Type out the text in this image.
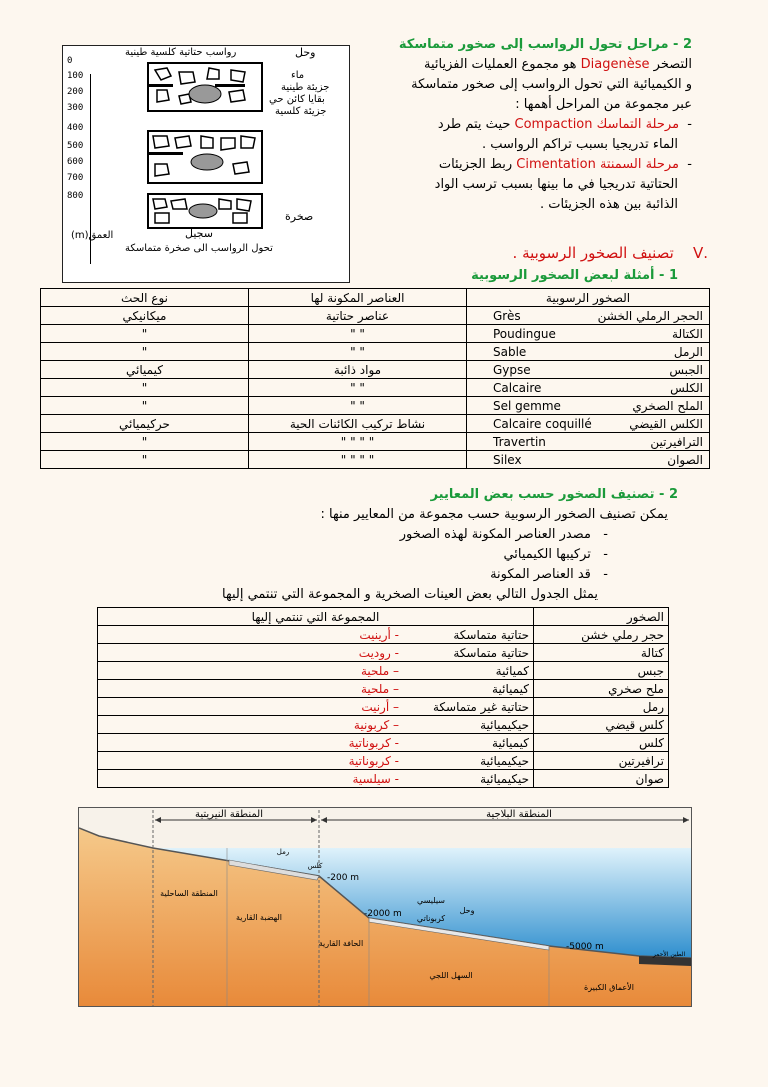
رواسب حتاتية كلسية طينية	وحل
0
100
200
300
400
500
600
700
800
ماء
جزيئة طينية
بقايا كائن حي
جزيئة كلسية
صخرة
سجيل
العمق(m)
تحول الرواسب الى صخرة متماسكة
2 - مراحل تحول الرواسب إلى صخور متماسكة
التصخر Diagenèse هو مجموع العمليات الفزيائية
و الكيميائية التي تحول الرواسب إلى صخور متماسكة
عبر مجموعة من المراحل أهمها :
-  مرحلة التماسك Compaction حيث يتم طرد
الماء تدريجيا بسبب تراكم الرواسب .
-  مرحلة السمنتة Cimentation ربط الجزيئات
الحتاتية تدريجيا في ما بينها بسبب ترسب الواد
الذائبة بين هذه الجزيئات .
.V    تصنيف الصخور الرسوبية .
1 - أمثلة لبعض الصخور الرسوبية
الصخور الرسوبية	العناصر المكونة لها	نوع الحث

الحجر الرملي الخشن
Grès	عناصر حتاتية	ميكانيكي

الكتالة
Poudingue	" "	"

الرمل
Sable	" "	"

الجبس
Gypse	مواد ذائبة	كيميائي

الكلس
Calcaire	" "	"

الملح الصخري
Sel gemme	" "	"

الكلس القيضي
Calcaire coquillé	نشاط تركيب الكائنات الحية	حركيميائي

الترافيرتين
Travertin	" " " "	"

الصوان
Silex	" " " "	"
2 - تصنيف الصخور حسب بعض المعايير
يمكن تصنيف الصخور الرسوبية حسب مجموعة من المعايير منها :
-   مصدر العناصر المكونة لهذه الصخور
-   تركيبها الكيميائي
-   قد العناصر المكونة
يمثل الجدول التالي بعض العينات الصخرية و المجموعة التي تنتمي إليها
الصخور	المجموعة التي تنتمي إليها
حجر رملي خشن	حتاتية متماسكة- أرينيت
كتالة	حتاتية متماسكة- روديت
جبس	كميائية– ملحية
ملح صخري	كيميائية– ملحية
رمل	حتاتية غير متماسكة– أرنيت
كلس قيضي	حيكيميائية– كربونية
كلس	كيميائية- كربوناتية
ترافيرتين	حيكيميائية- كربوناتية
صوان	حيكيميائية- سيلسية
المنطقة النيريتية	المنطقة البلاجية
المنطقة الساحلية
الهضبة القارية
الحافة القارية
السهل اللجي
الأعماق الكبيرة
-200 m
-2000 m
-5000 m
سيليسي
كربوناتي
وحل
رمل
كلس
الطين الأحمر
